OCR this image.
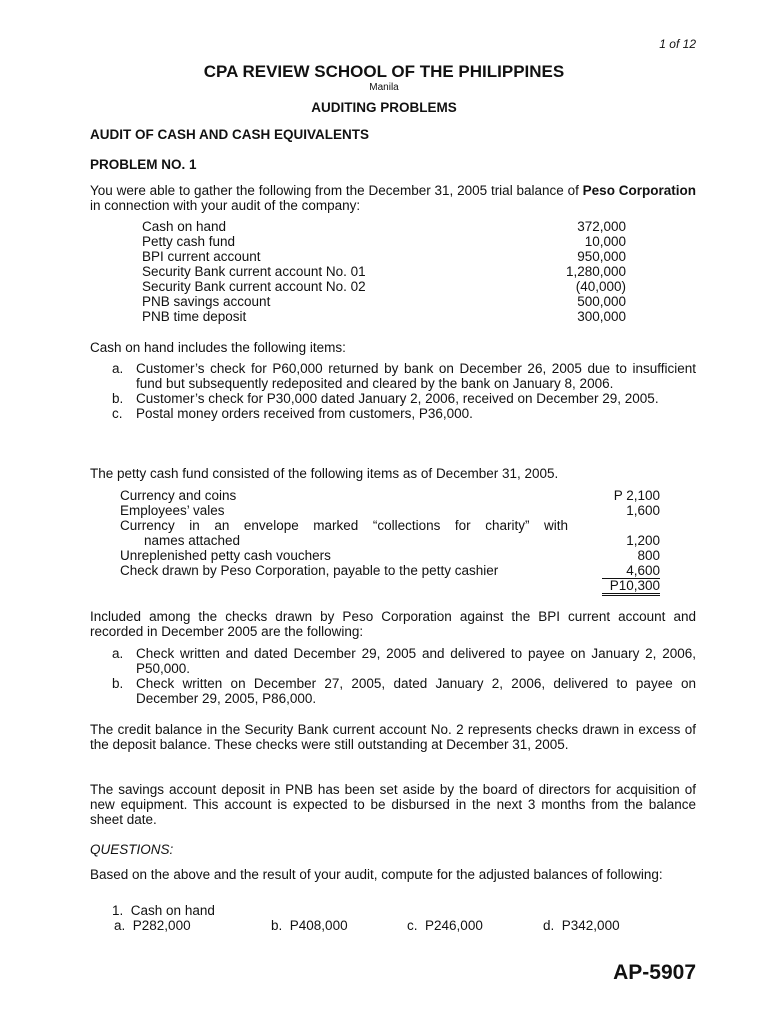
1 of 12
CPA REVIEW SCHOOL OF THE PHILIPPINES
Manila
AUDITING PROBLEMS
AUDIT OF CASH AND CASH EQUIVALENTS
PROBLEM NO. 1
You were able to gather the following from the December 31, 2005 trial balance of Peso Corporation in connection with your audit of the company:
Cash on hand	372,000
Petty cash fund	10,000
BPI current account	950,000
Security Bank current account No. 01	1,280,000
Security Bank current account No. 02	(40,000)
PNB savings account	500,000
PNB time deposit	300,000
Cash on hand includes the following items:
a. Customer’s check for P60,000 returned by bank on December 26, 2005 due to insufficient fund but subsequently redeposited and cleared by the bank on January 8, 2006.
b. Customer’s check for P30,000 dated January 2, 2006, received on December 29, 2005.
c. Postal money orders received from customers, P36,000.
The petty cash fund consisted of the following items as of December 31, 2005.
Currency and coins	P 2,100
Employees’ vales	1,600
Currency in an envelope marked “collections for charity” with
names attached	1,200
Unreplenished petty cash vouchers	800
Check drawn by Peso Corporation, payable to the petty cashier	4,600
P10,300
Included among the checks drawn by Peso Corporation against the BPI current account and recorded in December 2005 are the following:
a. Check written and dated December 29, 2005 and delivered to payee on January 2, 2006, P50,000.
b. Check written on December 27, 2005, dated January 2, 2006, delivered to payee on December 29, 2005, P86,000.
The credit balance in the Security Bank current account No. 2 represents checks drawn in excess of the deposit balance. These checks were still outstanding at December 31, 2005.
The savings account deposit in PNB has been set aside by the board of directors for acquisition of new equipment. This account is expected to be disbursed in the next 3 months from the balance sheet date.
QUESTIONS:
Based on the above and the result of your audit, compute for the adjusted balances of following:
1. Cash on hand
a. P282,000	b. P408,000	c. P246,000	d. P342,000
AP-5907
